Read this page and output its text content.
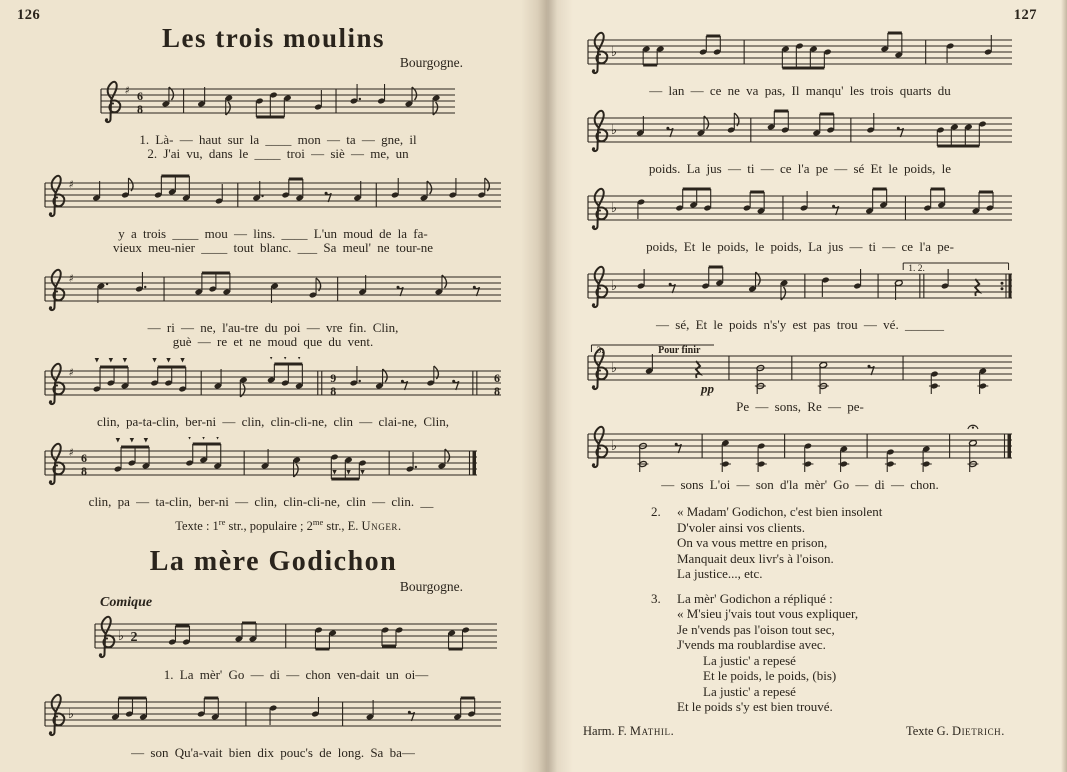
126
Les trois moulins
Bourgogne.
♯ 6
8
1. Là- — haut sur la ____ mon — ta — gne, il
2. J'ai vu, dans le ____ troi — siè — me, un
♯
y a trois ____ mou — lins. ____ L'un moud de la fa-
vieux meu-nier ____ tout blanc. ___ Sa meul' ne tour-ne
♯
— ri — ne, l'au-tre du poi — vre fin. Clin,
guè — re et ne moud que du vent.
♯	9
8
6
8
clin, pa-ta-clin, ber-ni — clin, clin-cli-ne, clin — clai-ne, Clin,
♯ 6
8
clin, pa — ta-clin, ber-ni — clin, clin-cli-ne, clin — clin. __
Texte : 1re str., populaire ; $2^{me}$ str., E. Unger.
La mère Godichon
Bourgogne.
Comique
♭ 2
1. La mèr' Go — di — chon ven-dait un oi—
♭
— son Qu'a-vait bien dix pouc's de long. Sa ba—
127
♭
— lan — ce ne va pas, Il manqu' les trois quarts du
♭
poids. La jus — ti — ce l'a pe — sé Et le poids, le
♭
poids, Et le poids, le poids, La jus — ti — ce l'a pe-
♭
1. 2.
— sé, Et le poids n's'y est pas trou — vé. ______
♭
3.	Pour finir
pp
Pe — sons, Re — pe-
♭
— sons L'oi — son d'la mèr' Go — di — chon.
2. « Madam' Godichon, c'est bien insolent
D'voler ainsi vos clients.
On va vous mettre en prison,
Manquait deux livr's à l'oison.
La justice..., etc.
3. La mèr' Godichon a répliqué :
« M'sieu j'vais tout vous expliquer,
Je n'vends pas l'oison tout sec,
J'vends ma roublardise avec.
La justic' a repesé
Et le poids, le poids, (bis)
La justic' a repesé
Et le poids s'y est bien trouvé.
Harm. F. Mathil.	Texte G. Dietrich.
